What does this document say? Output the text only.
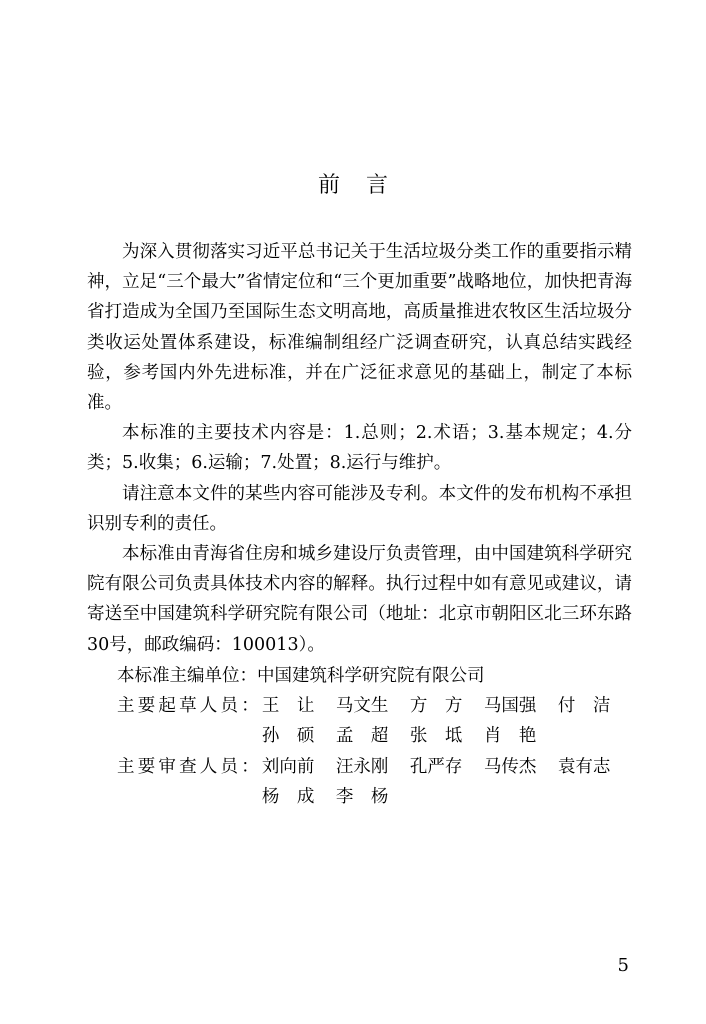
前言

为深入贯彻落实习近平总书记关于生活垃圾分类工作的重要指示精神，立足“三个最大”省情定位和“三个更加重要”战略地位，加快把青海省打造成为全国乃至国际生态文明高地，高质量推进农牧区生活垃圾分类收运处置体系建设，标准编制组经广泛调查研究，认真总结实践经验，参考国内外先进标准，并在广泛征求意见的基础上，制定了本标准。

本标准的主要技术内容是：1.总则；2.术语；3.基本规定；4.分类；5.收集；6.运输；7.处置；8.运行与维护。

请注意本文件的某些内容可能涉及专利。本文件的发布机构不承担识别专利的责任。

本标准由青海省住房和城乡建设厅负责管理，由中国建筑科学研究院有限公司负责具体技术内容的解释。执行过程中如有意见或建议，请寄送至中国建筑科学研究院有限公司（地址：北京市朝阳区北三环东路30号，邮政编码：100013）。

本标准主编单位： 中国建筑科学研究院有限公司
主要起草人员： 王　让	马文生	方　方	马国强	付　洁
孙　硕	孟　超	张　坻	肖　艳
主要审查人员： 刘向前	汪永刚	孔严存	马传杰	袁有志
杨　成	李　杨
5
